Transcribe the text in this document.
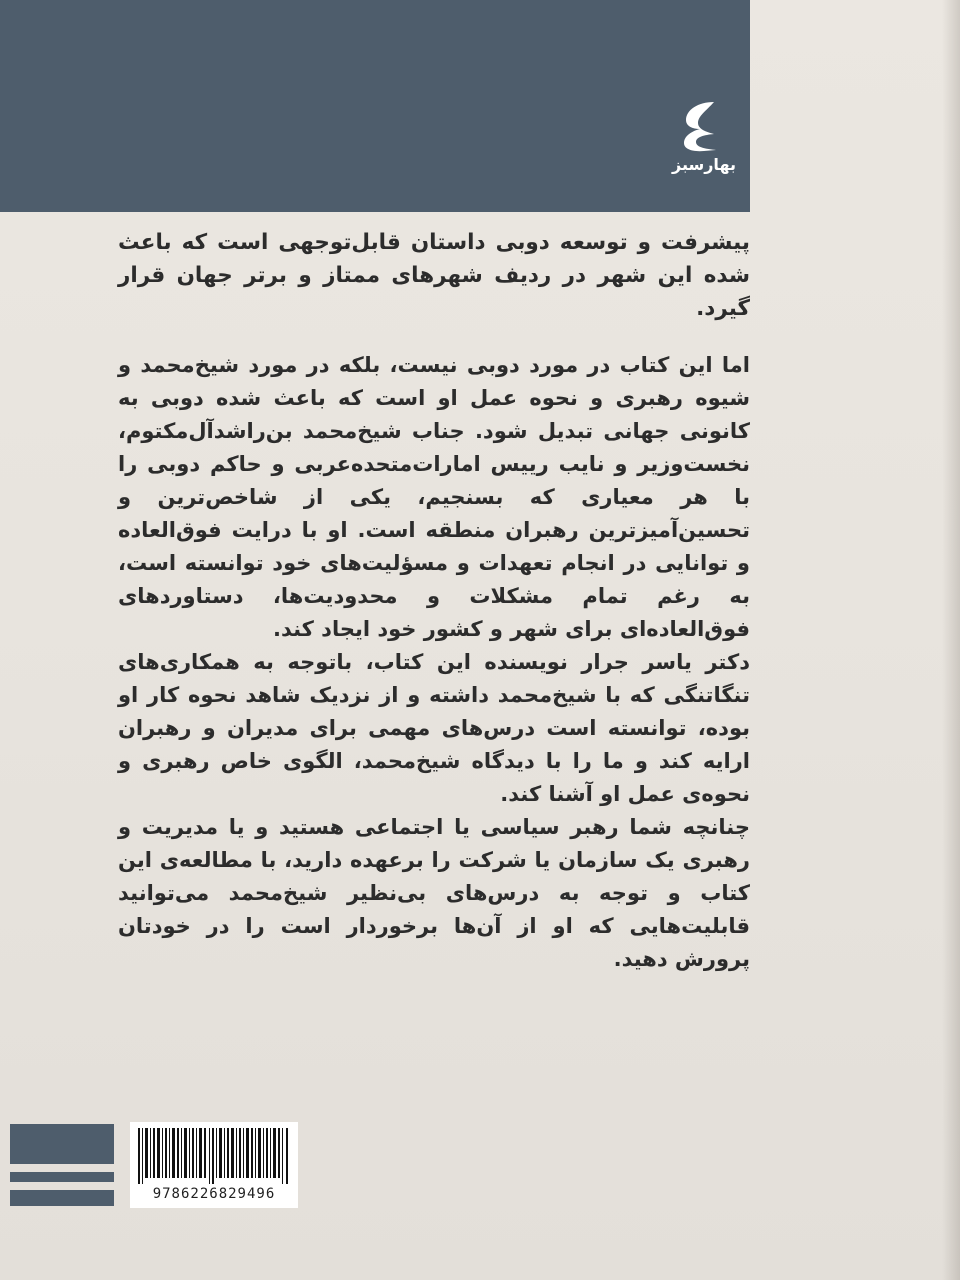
بهارسبز

پیشرفت و توسعه دوبی داستان قابل‌توجهی است که باعث شده این شهر در ردیف شهرهای ممتاز و برتر جهان قرار گیرد.

اما این کتاب در مورد دوبی نیست، بلکه در مورد شیخ‌محمد و شیوه رهبری و نحوه عمل او است که باعث شده دوبی به کانونی جهانی تبدیل شود. جناب شیخ‌محمد بن‌راشدآل‌مکتوم، نخست‌وزیر و نایب رییس امارات‌متحده‌عربی و حاکم دوبی را با هر معیاری که بسنجیم، یکی از شاخص‌ترین و تحسین‌آمیزترین رهبران منطقه است. او با درایت فوق‌العاده و توانایی در انجام تعهدات و مسؤلیت‌های خود توانسته است، به رغم تمام مشکلات و محدودیت‌ها، دستاوردهای فوق‌العاده‌ای برای شهر و کشور خود ایجاد کند.

دکتر یاسر جرار نویسنده این کتاب، باتوجه به همکاری‌های تنگاتنگی که با شیخ‌محمد داشته و از نزدیک شاهد نحوه کار او بوده، توانسته است درس‌های مهمی برای مدیران و رهبران ارایه کند و ما را با دیدگاه شیخ‌محمد، الگوی خاص رهبری و نحوه‌ی عمل او آشنا کند.

چنانچه شما رهبر سیاسی یا اجتماعی هستید و یا مدیریت و رهبری یک سازمان یا شرکت را برعهده دارید، با مطالعه‌ی این کتاب و توجه به درس‌های بی‌نظیر شیخ‌محمد می‌توانید قابلیت‌هایی که او از آن‌ها برخوردار است را در خودتان پرورش دهید.

9786226829496
